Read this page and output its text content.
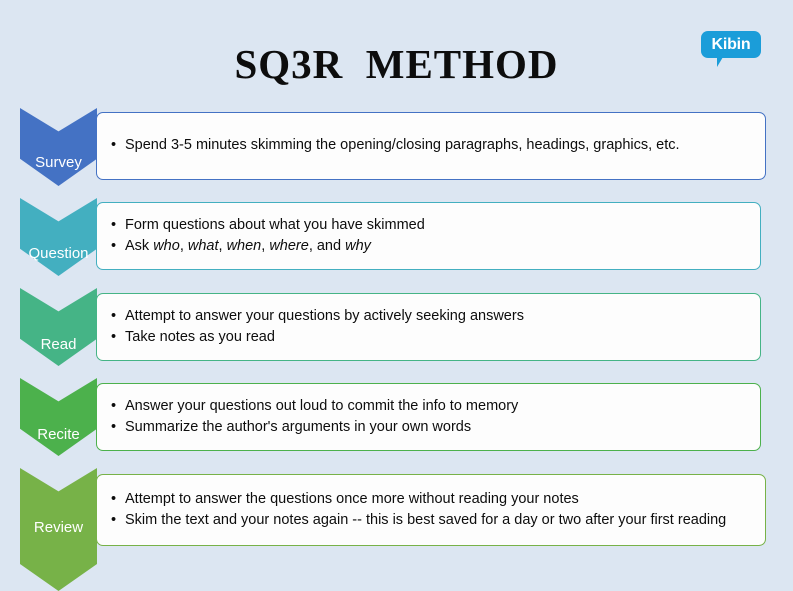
SQ3R  METHOD	Kibin
Survey
• Spend 3-5 minutes skimming the opening/closing paragraphs, headings, graphics, etc.
Question
• Form questions about what you have skimmed
• Ask who, what, when, where, and why
Read
• Attempt to answer your questions by actively seeking answers
• Take notes as you read
Recite
• Answer your questions out loud to commit the info to memory
• Summarize the author's arguments in your own words
Review
• Attempt to answer the questions once more without reading your notes
• Skim the text and your notes again -- this is best saved for a day or two after your first reading
